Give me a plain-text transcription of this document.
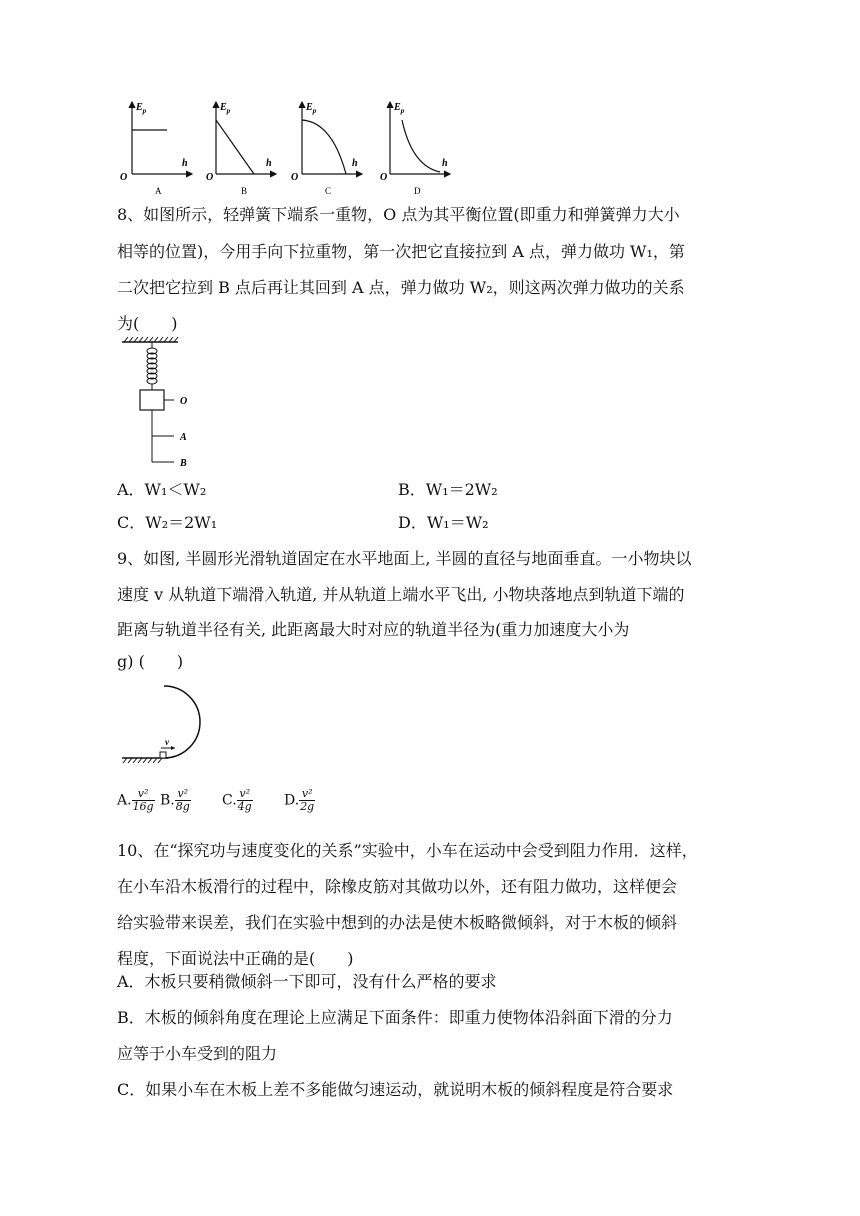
$E_p$
h
O
A
$E_p$
h
O
B
$E_p$
h
O
C
$E_p$
h
O
D
8、如图所示，轻弹簧下端系一重物，O 点为其平衡位置(即重力和弹簧弹力大小
相等的位置)，今用手向下拉重物，第一次把它直接拉到 A 点，弹力做功 W₁，第
二次把它拉到 B 点后再让其回到 A 点，弹力做功 W₂，则这两次弹力做功的关系
为(　　)
O
A
B
A．W₁＜W₂	B．W₁＝2W₂
C．W₂＝2W₁	D．W₁＝W₂
9、如图, 半圆形光滑轨道固定在水平地面上, 半圆的直径与地面垂直。一小物块以
速度 v 从轨道下端滑入轨道, 并从轨道上端水平飞出, 小物块落地点到轨道下端的
距离与轨道半径有关, 此距离最大时对应的轨道半径为(重力加速度大小为
g) (　　)
v
A. $\frac{\text{v²}}{16g} B$. $\frac{\text{v²}}{8g} C$. $\frac{\text{v²}}{4g} D$. $\frac{\text{v²}}{2g}$
10、在“探究功与速度变化的关系”实验中，小车在运动中会受到阻力作用．这样，
在小车沿木板滑行的过程中，除橡皮筋对其做功以外，还有阻力做功，这样便会
给实验带来误差，我们在实验中想到的办法是使木板略微倾斜，对于木板的倾斜
程度，下面说法中正确的是(　　)
A．木板只要稍微倾斜一下即可，没有什么严格的要求
B．木板的倾斜角度在理论上应满足下面条件：即重力使物体沿斜面下滑的分力
应等于小车受到的阻力
C．如果小车在木板上差不多能做匀速运动，就说明木板的倾斜程度是符合要求
